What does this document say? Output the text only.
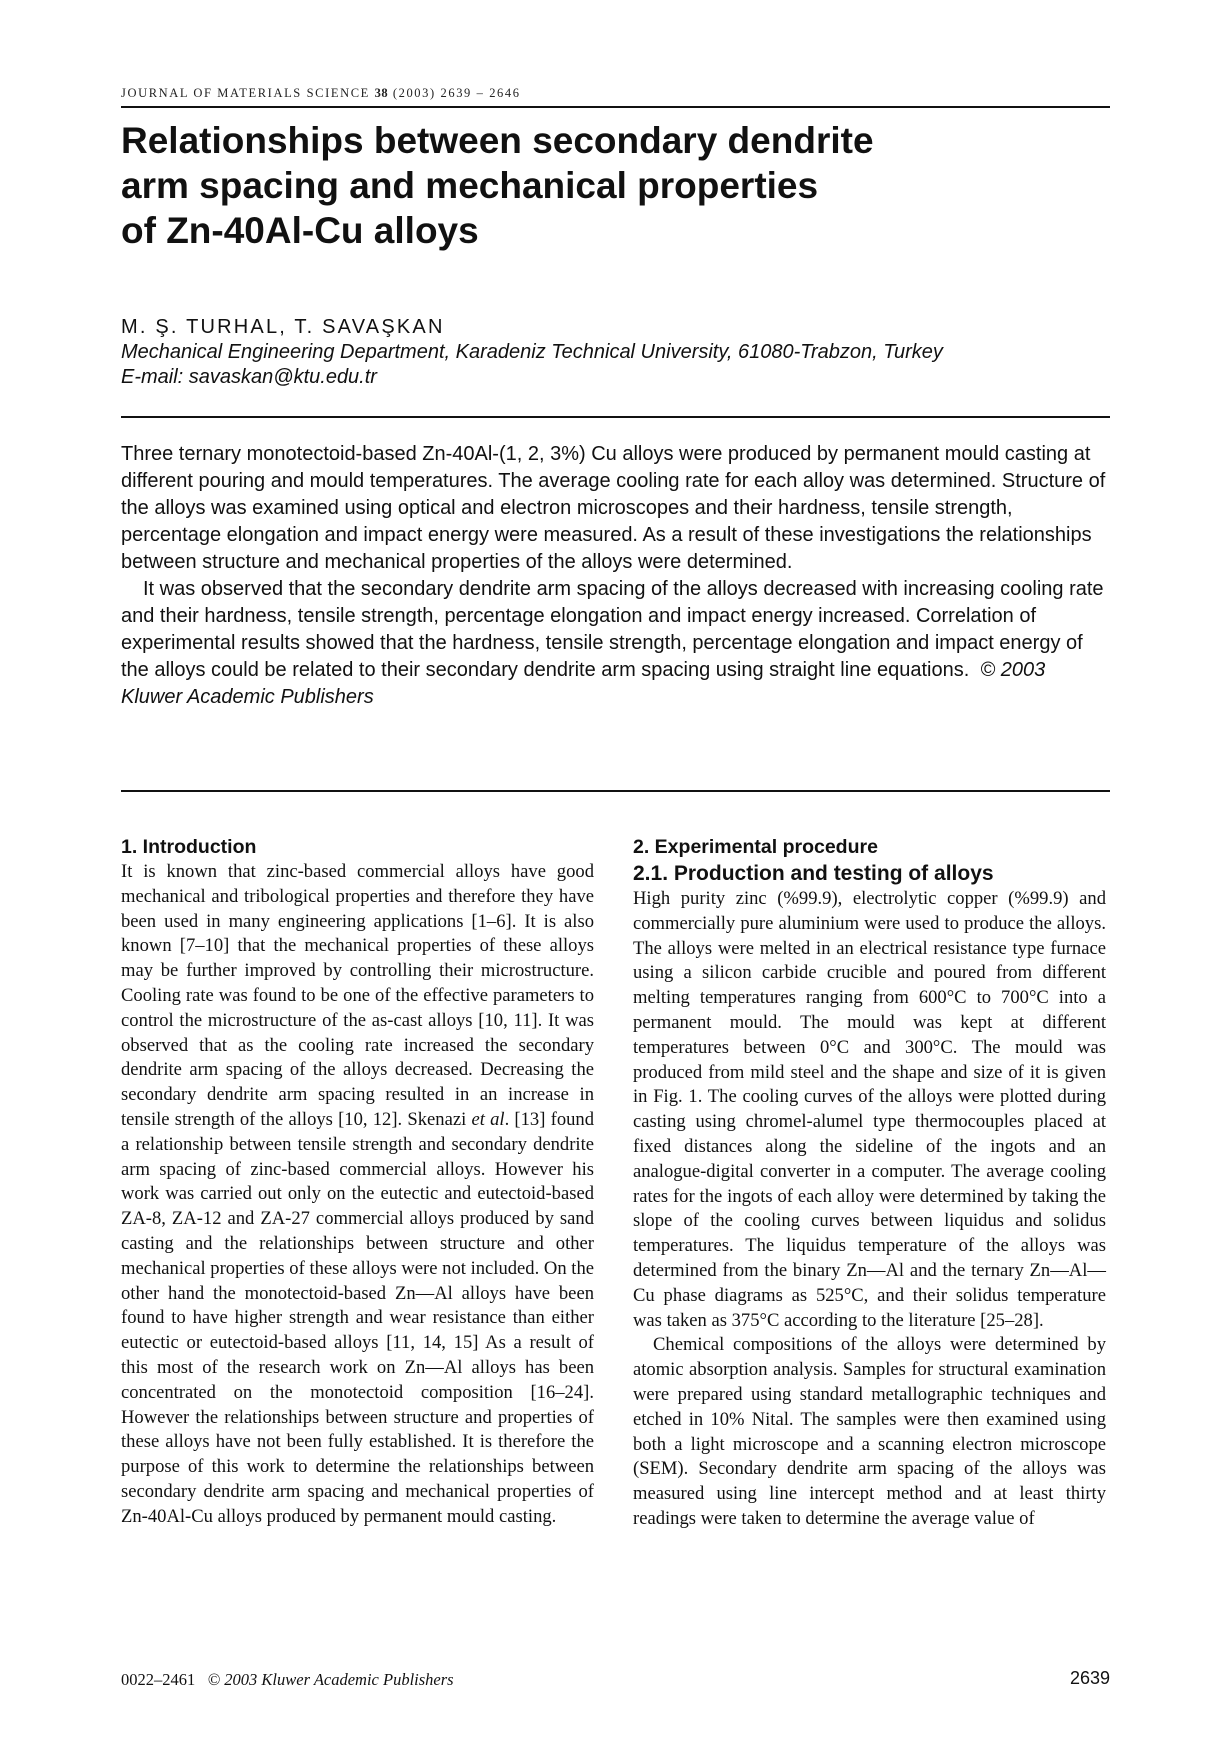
JOURNAL OF MATERIALS SCIENCE 38 (2003) 2639 – 2646
Relationships between secondary dendrite
arm spacing and mechanical properties
of Zn-40Al-Cu alloys
M. Ş. TURHAL, T. SAVAŞKAN
Mechanical Engineering Department, Karadeniz Technical University, 61080-Trabzon, Turkey
E-mail: savaskan@ktu.edu.tr

Three ternary monotectoid-based Zn-40Al-(1, 2, 3%) Cu alloys were produced by permanent mould casting at different pouring and mould temperatures. The average cooling rate for each alloy was determined. Structure of the alloys was examined using optical and electron microscopes and their hardness, tensile strength, percentage elongation and impact energy were measured. As a result of these investigations the relationships between structure and mechanical properties of the alloys were determined.

It was observed that the secondary dendrite arm spacing of the alloys decreased with increasing cooling rate and their hardness, tensile strength, percentage elongation and impact energy increased. Correlation of experimental results showed that the hardness, tensile strength, percentage elongation and impact energy of the alloys could be related to their secondary dendrite arm spacing using straight line equations. © 2003 Kluwer Academic Publishers

1. Introduction

It is known that zinc-based commercial alloys have good mechanical and tribological properties and therefore they have been used in many engineering applications [1–6]. It is also known [7–10] that the mechanical properties of these alloys may be further improved by controlling their microstructure. Cooling rate was found to be one of the effective parameters to control the microstructure of the as-cast alloys [10, 11]. It was observed that as the cooling rate increased the secondary dendrite arm spacing of the alloys decreased. Decreasing the secondary dendrite arm spacing resulted in an increase in tensile strength of the alloys [10, 12]. Skenazi et al. [13] found a relationship between tensile strength and secondary dendrite arm spacing of zinc-based commercial alloys. However his work was carried out only on the eutectic and eutectoid-based ZA-8, ZA-12 and ZA-27 commercial alloys produced by sand casting and the relationships between structure and other mechanical properties of these alloys were not included. On the other hand the monotectoid-based Zn—Al alloys have been found to have higher strength and wear resistance than either eutectic or eutectoid-based alloys [11, 14, 15] As a result of this most of the research work on Zn—Al alloys has been concentrated on the monotectoid composition [16–24]. However the relationships between structure and properties of these alloys have not been fully established. It is therefore the purpose of this work to determine the relationships between secondary dendrite arm spacing and mechanical properties of Zn-40Al-Cu alloys produced by permanent mould casting.

2. Experimental procedure
2.1. Production and testing of alloys

High purity zinc (%99.9), electrolytic copper (%99.9) and commercially pure aluminium were used to produce the alloys. The alloys were melted in an electrical resistance type furnace using a silicon carbide crucible and poured from different melting temperatures ranging from 600°C to 700°C into a permanent mould. The mould was kept at different temperatures between 0°C and 300°C. The mould was produced from mild steel and the shape and size of it is given in Fig. 1. The cooling curves of the alloys were plotted during casting using chromel-alumel type thermocouples placed at fixed distances along the sideline of the ingots and an analogue-digital converter in a computer. The average cooling rates for the ingots of each alloy were determined by taking the slope of the cooling curves between liquidus and solidus temperatures. The liquidus temperature of the alloys was determined from the binary Zn—Al and the ternary Zn—Al—Cu phase diagrams as 525°C, and their solidus temperature was taken as 375°C according to the literature [25–28].

Chemical compositions of the alloys were determined by atomic absorption analysis. Samples for structural examination were prepared using standard metallographic techniques and etched in 10% Nital. The samples were then examined using both a light microscope and a scanning electron microscope (SEM). Secondary dendrite arm spacing of the alloys was measured using line intercept method and at least thirty readings were taken to determine the average value of

0022–2461 © 2003 Kluwer Academic Publishers	2639
